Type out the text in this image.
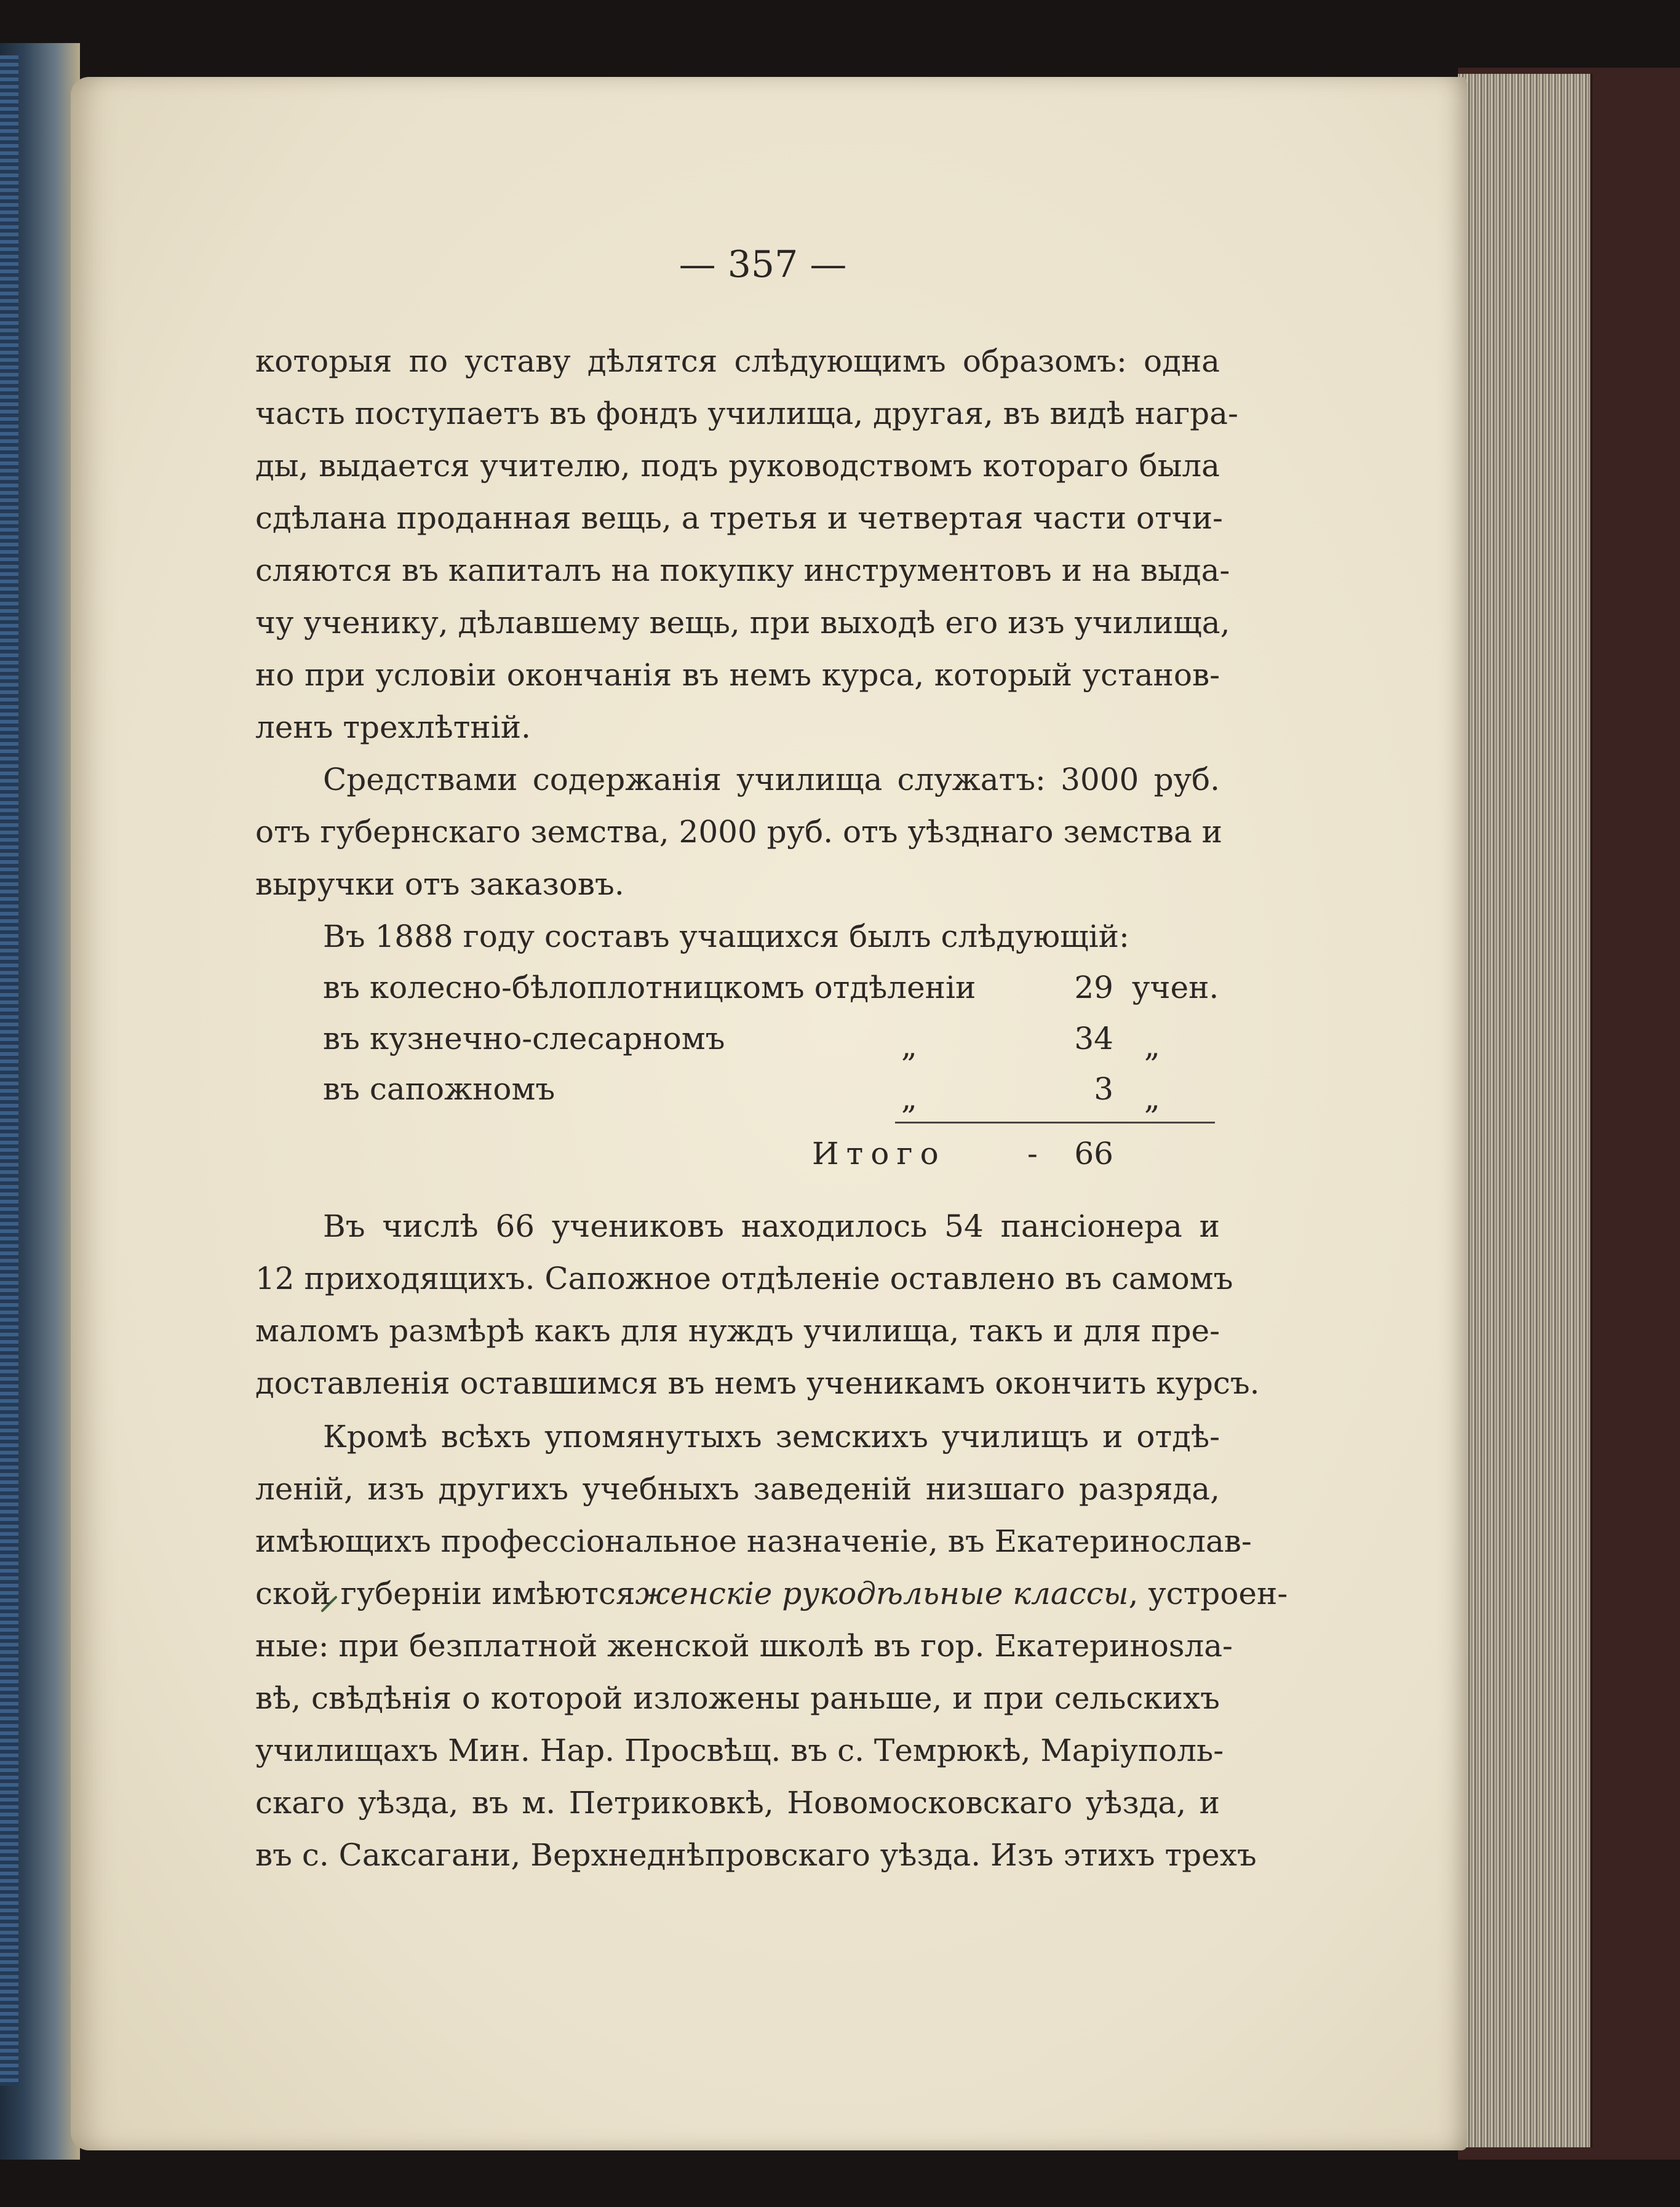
— 357 —
которыя по уставу дѣлятся слѣдующимъ образомъ: одна
часть поступаетъ въ фондъ училища, другая, въ видѣ награ-
ды, выдается учителю, подъ руководствомъ котораго была
сдѣлана проданная вещь, а третья и четвертая части отчи-
сляются въ капиталъ на покупку инструментовъ и на выда-
чу ученику, дѣлавшему вещь, при выходѣ его изъ училища,
но при условіи окончанія въ немъ курса, который установ-
ленъ трехлѣтній.
Средствами содержанія училища служатъ: 3000 руб.
отъ губернскаго земства, 2000 руб. отъ уѣзднаго земства и
выручки отъ заказовъ.
Въ 1888 году составъ учащихся былъ слѣдующій:
въ колесно-бѣлоплотницкомъ отдѣленіи	29 учен.
въ кузнечно-слесарномъ	„	34 „
въ сапожномъ	„	3 „
Итого	-	66
Въ числѣ 66 учениковъ находилось 54 пансіонера и
12 приходящихъ. Сапожное отдѣленіе оставлено въ самомъ
маломъ размѣрѣ какъ для нуждъ училища, такъ и для пре-
доставленія оставшимся въ немъ ученикамъ окончить курсъ.
Кромѣ всѣхъ упомянутыхъ земскихъ училищъ и отдѣ-
леній, изъ другихъ учебныхъ заведеній низшаго разряда,
имѣющихъ профессіональное назначеніе, въ Екатеринослав-
ской губерніи имѣются женскіе рукодѣльные классы , устроен-
ные: при безплатной женской школѣ въ гор. Екатеринosла-
вѣ, свѣдѣнія о которой изложены раньше, и при сельскихъ
училищахъ Мин. Нар. Просвѣщ. въ с. Темрюкѣ, Маріуполь-
скаго уѣзда, въ м. Петриковкѣ, Новомосковскаго уѣзда, и
въ с. Саксагани, Верхнеднѣпровскаго уѣзда. Изъ этихъ трехъ
